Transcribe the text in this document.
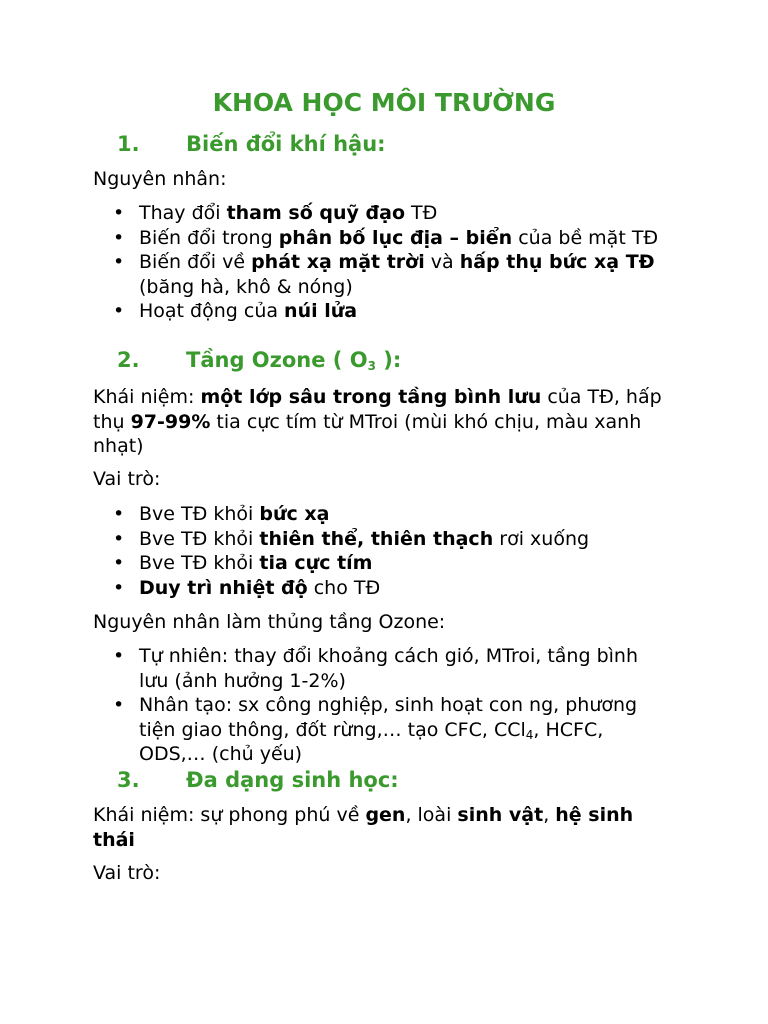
KHOA HỌC MÔI TRƯỜNG
1. Biến đổi khí hậu:
Nguyên nhân:
• Thay đổi tham số quỹ đạo TĐ
• Biến đổi trong phân bố lục địa – biển của bề mặt TĐ
• Biến đổi về phát xạ mặt trời và hấp thụ bức xạ TĐ (băng hà, khô & nóng)
• Hoạt động của núi lửa
2. Tầng Ozone ( $O_3$ ):
Khái niệm: một lớp sâu trong tầng bình lưu của TĐ, hấp thụ 97-99% tia cực tím từ MTroi (mùi khó chịu, màu xanh nhạt)
Vai trò:
• Bve TĐ khỏi bức xạ
• Bve TĐ khỏi thiên thể, thiên thạch rơi xuống
• Bve TĐ khỏi tia cực tím
• Duy trì nhiệt độ cho TĐ
Nguyên nhân làm thủng tầng Ozone:
• Tự nhiên: thay đổi khoảng cách gió, MTroi, tầng bình lưu (ảnh hưởng 1-2%)
• Nhân tạo: sx công nghiệp, sinh hoạt con ng, phương tiện giao thông, đốt rừng,… tạo CFC, CCl$_4$, HCFC, ODS,… (chủ yếu)
3. Đa dạng sinh học:
Khái niệm: sự phong phú về gen, loài sinh vật, hệ sinh thái
Vai trò:
